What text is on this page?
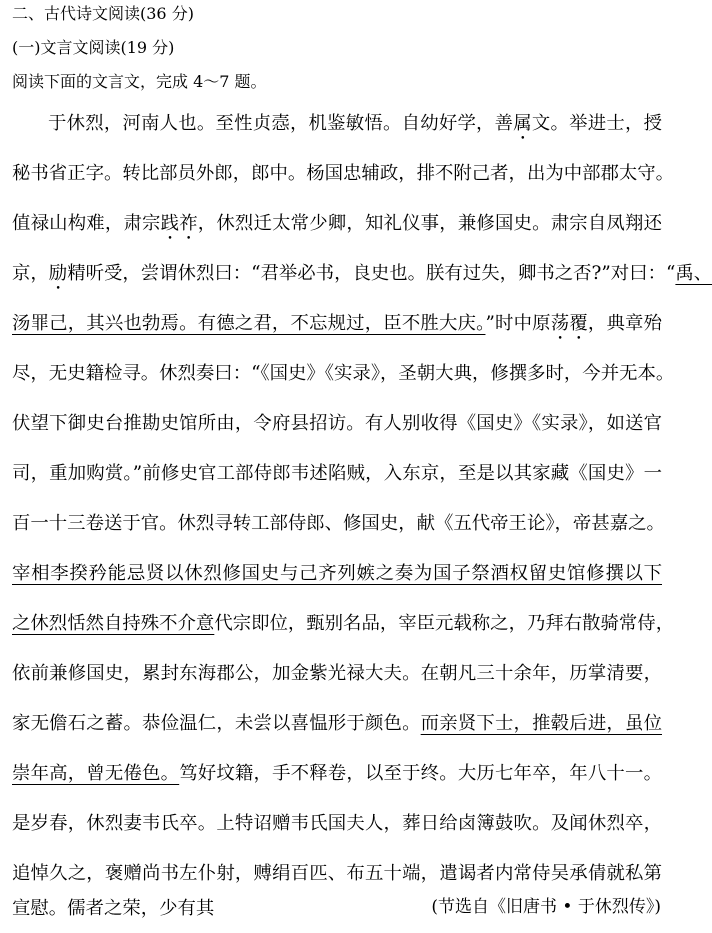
二、古代诗文阅读(36 分)
(一)文言文阅读(19 分)
阅读下面的文言文，完成 4～7 题。
于休烈，河南人也。至性贞悫，机鉴敏悟。自幼好学，善属文。举进士，授
秘书省正字。转比部员外郎，郎中。杨国忠辅政，排不附己者，出为中部郡太守。
值禄山构难，肃宗践祚，休烈迁太常少卿，知礼仪事，兼修国史。肃宗自凤翔还
京，励精听受，尝谓休烈曰：“君举必书，良史也。朕有过失，卿书之否?”对曰：“禹、
汤罪己，其兴也勃焉。有德之君，不忘规过，臣不胜大庆。”时中原荡覆，典章殆
尽，无史籍检寻。休烈奏曰：“《国史》《实录》，圣朝大典，修撰多时，今并无本。
伏望下御史台推勘史馆所由，令府县招访。有人别收得《国史》《实录》，如送官
司，重加购赏。”前修史官工部侍郎韦述陷贼，入东京，至是以其家藏《国史》一
百一十三卷送于官。休烈寻转工部侍郎、修国史，献《五代帝王论》，帝甚嘉之。
宰相李揆矜能忌贤以休烈修国史与己齐列嫉之奏为国子祭酒权留史馆修撰以下
之休烈恬然自持殊不介意代宗即位，甄别名品，宰臣元载称之，乃拜右散骑常侍，
依前兼修国史，累封东海郡公，加金紫光禄大夫。在朝凡三十余年，历掌清要，
家无儋石之蓄。恭俭温仁，未尝以喜愠形于颜色。而亲贤下士，推毂后进，虽位
崇年高，曾无倦色。笃好坟籍，手不释卷，以至于终。大历七年卒，年八十一。
是岁春，休烈妻韦氏卒。上特诏赠韦氏国夫人，葬日给卤簿鼓吹。及闻休烈卒，
追悼久之，褒赠尚书左仆射，赙绢百匹、布五十端，遣谒者内常侍吴承倩就私第
宣慰。儒者之荣，少有其	(节选自《旧唐书 • 于休烈传》)
